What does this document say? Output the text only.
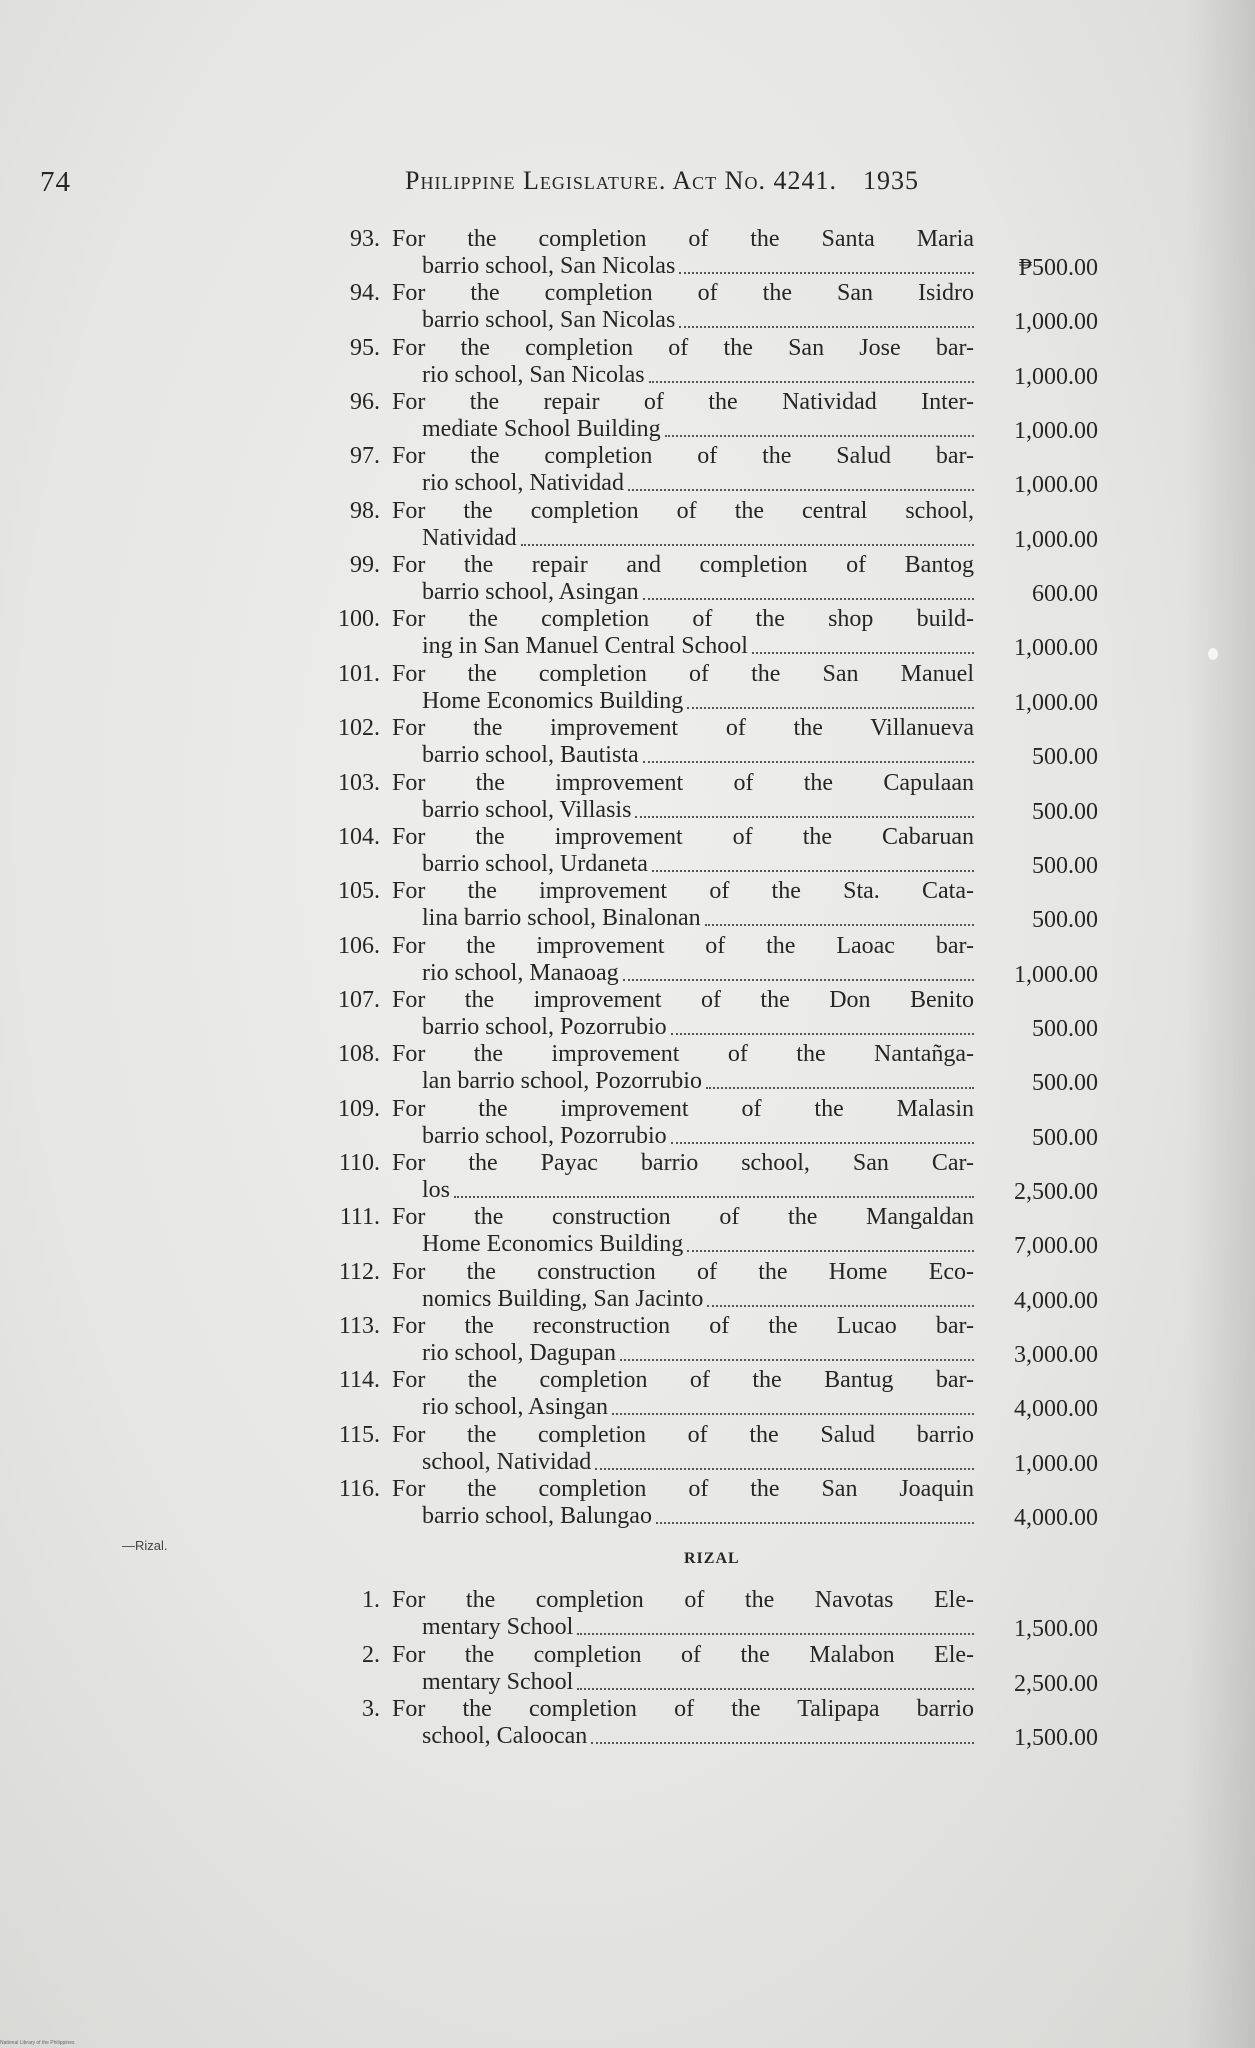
74	Philippine Legislature. Act No. 4241. 1935
93. For the completion of the Santa Maria
barrio school, San Nicolas	₱500.00
94. For the completion of the San Isidro
barrio school, San Nicolas	1,000.00
95. For the completion of the San Jose bar-
rio school, San Nicolas	1,000.00
96. For the repair of the Natividad Inter-
mediate School Building	1,000.00
97. For the completion of the Salud bar-
rio school, Natividad	1,000.00
98. For the completion of the central school,
Natividad	1,000.00
99. For the repair and completion of Bantog
barrio school, Asingan	600.00
100. For the completion of the shop build-
ing in San Manuel Central School	1,000.00
101. For the completion of the San Manuel
Home Economics Building	1,000.00
102. For the improvement of the Villanueva
barrio school, Bautista	500.00
103. For the improvement of the Capulaan
barrio school, Villasis	500.00
104. For the improvement of the Cabaruan
barrio school, Urdaneta	500.00
105. For the improvement of the Sta. Cata-
lina barrio school, Binalonan	500.00
106. For the improvement of the Laoac bar-
rio school, Manaoag	1,000.00
107. For the improvement of the Don Benito
barrio school, Pozorrubio	500.00
108. For the improvement of the Nantañga-
lan barrio school, Pozorrubio	500.00
109. For the improvement of the Malasin
barrio school, Pozorrubio	500.00
110. For the Payac barrio school, San Car-
los	2,500.00
111. For the construction of the Mangaldan
Home Economics Building	7,000.00
112. For the construction of the Home Eco-
nomics Building, San Jacinto	4,000.00
113. For the reconstruction of the Lucao bar-
rio school, Dagupan	3,000.00
114. For the completion of the Bantug bar-
rio school, Asingan	4,000.00
115. For the completion of the Salud barrio
school, Natividad	1,000.00
116. For the completion of the San Joaquin
barrio school, Balungao	4,000.00
—Rizal.
RIZAL
1. For the completion of the Navotas Ele-
mentary School	1,500.00
2. For the completion of the Malabon Ele-
mentary School	2,500.00
3. For the completion of the Talipapa barrio
school, Caloocan	1,500.00
National Library of the Philippines
